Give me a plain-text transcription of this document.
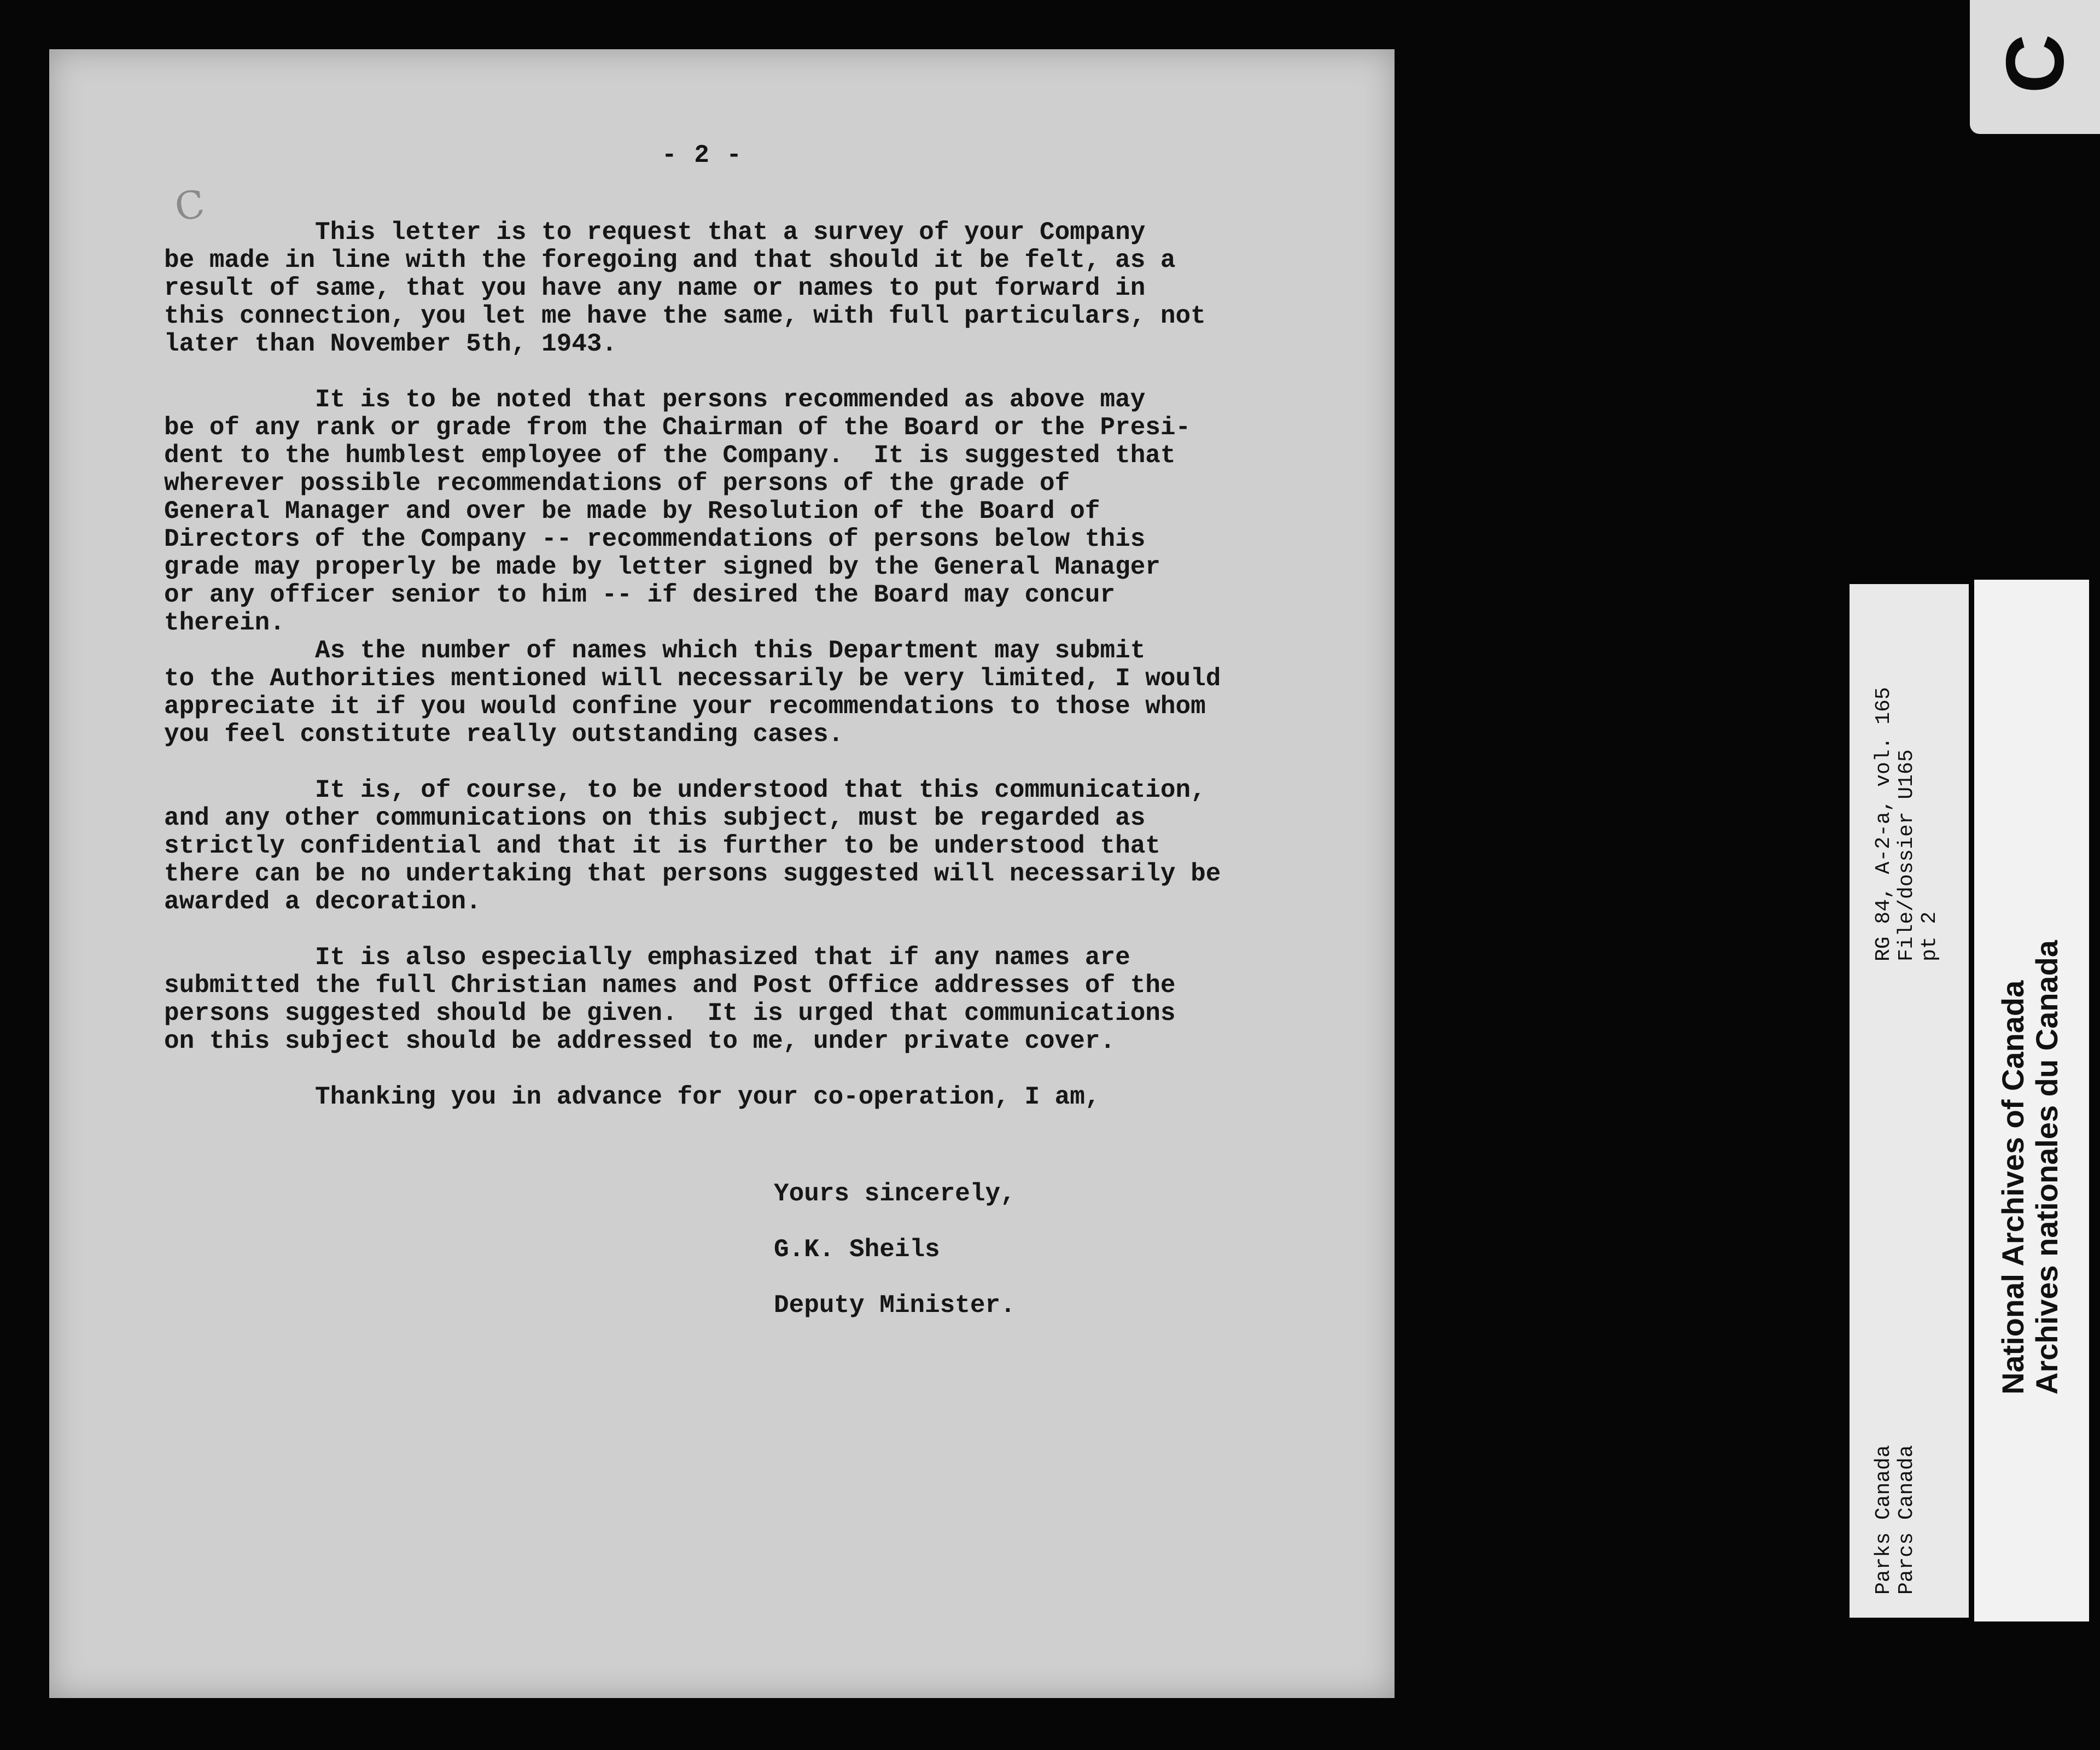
- 2 -
C
This letter is to request that a survey of your Company
be made in line with the foregoing and that should it be felt, as a
result of same, that you have any name or names to put forward in
this connection, you let me have the same, with full particulars, not
later than November 5th, 1943.
It is to be noted that persons recommended as above may
be of any rank or grade from the Chairman of the Board or the Presi-
dent to the humblest employee of the Company.  It is suggested that
wherever possible recommendations of persons of the grade of
General Manager and over be made by Resolution of the Board of
Directors of the Company -- recommendations of persons below this
grade may properly be made by letter signed by the General Manager
or any officer senior to him -- if desired the Board may concur
therein.
As the number of names which this Department may submit
to the Authorities mentioned will necessarily be very limited, I would
appreciate it if you would confine your recommendations to those whom
you feel constitute really outstanding cases.
It is, of course, to be understood that this communication,
and any other communications on this subject, must be regarded as
strictly confidential and that it is further to be understood that
there can be no undertaking that persons suggested will necessarily be
awarded a decoration.
It is also especially emphasized that if any names are
submitted the full Christian names and Post Office addresses of the
persons suggested should be given.  It is urged that communications
on this subject should be addressed to me, under private cover.
Thanking you in advance for your co-operation, I am,
Yours sincerely,
G.K. Sheils
Deputy Minister.
RG 84, A-2-a, vol. 165 File/dossier U165 pt 2
Parks Canada Parcs Canada
National Archives of Canada Archives nationales du Canada
C
